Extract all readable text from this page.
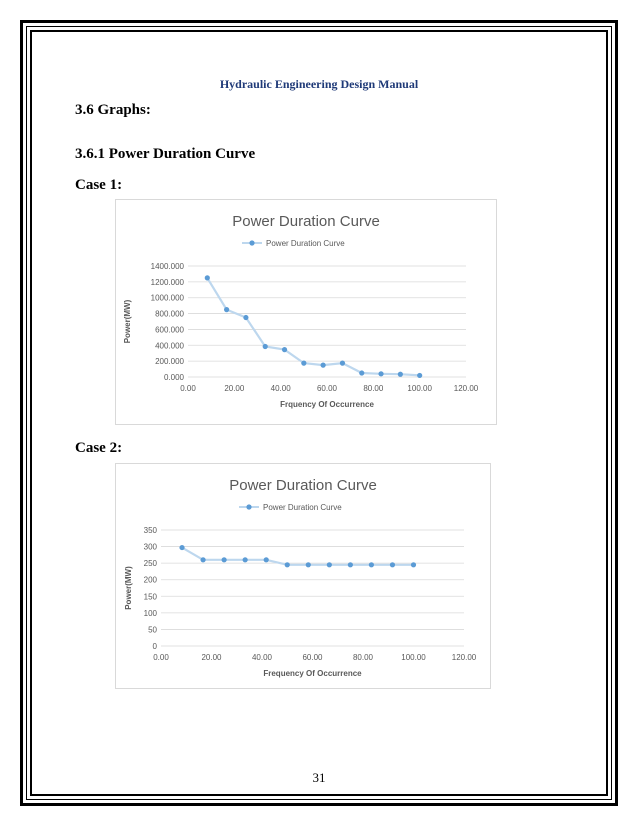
Hydraulic Engineering Design Manual
3.6 Graphs:
3.6.1 Power Duration Curve
Case 1:
Case 2:
Power Duration Curve
Power Duration Curve
0.000
200.000
400.000
600.000
800.000
1000.000
1200.000
1400.000
0.00	20.00	40.00	60.00	80.00	100.00	120.00
Frquency Of Occurrence
Power(MW)
Power Duration Curve
Power Duration Curve
0
50
100
150
200
250
300
350
0.00	20.00	40.00	60.00	80.00	100.00	120.00
Frequency Of Occurrence
Power(MW)
31
